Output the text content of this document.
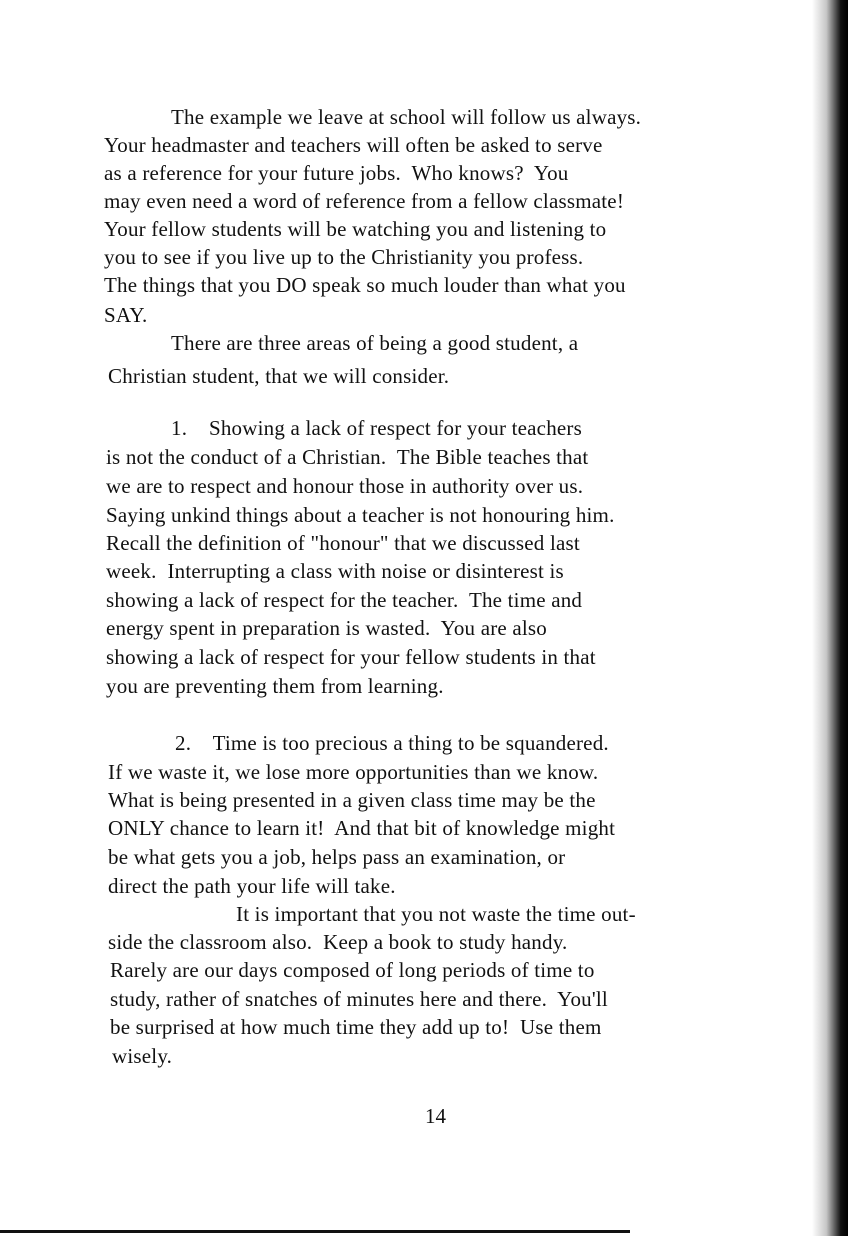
The example we leave at school will follow us always.
Your headmaster and teachers will often be asked to serve
as a reference for your future jobs.  Who knows?  You
may even need a word of reference from a fellow classmate!
Your fellow students will be watching you and listening to
you to see if you live up to the Christianity you profess.
The things that you DO speak so much louder than what you
SAY.
There are three areas of being a good student, a
Christian student, that we will consider.
1.    Showing a lack of respect for your teachers
is not the conduct of a Christian.  The Bible teaches that
we are to respect and honour those in authority over us.
Saying unkind things about a teacher is not honouring him.
Recall the definition of "honour" that we discussed last
week.  Interrupting a class with noise or disinterest is
showing a lack of respect for the teacher.  The time and
energy spent in preparation is wasted.  You are also
showing a lack of respect for your fellow students in that
you are preventing them from learning.
2.    Time is too precious a thing to be squandered.
If we waste it, we lose more opportunities than we know.
What is being presented in a given class time may be the
ONLY chance to learn it!  And that bit of knowledge might
be what gets you a job, helps pass an examination, or
direct the path your life will take.
It is important that you not waste the time out-
side the classroom also.  Keep a book to study handy.
Rarely are our days composed of long periods of time to
study, rather of snatches of minutes here and there.  You'll
be surprised at how much time they add up to!  Use them
wisely.
14
